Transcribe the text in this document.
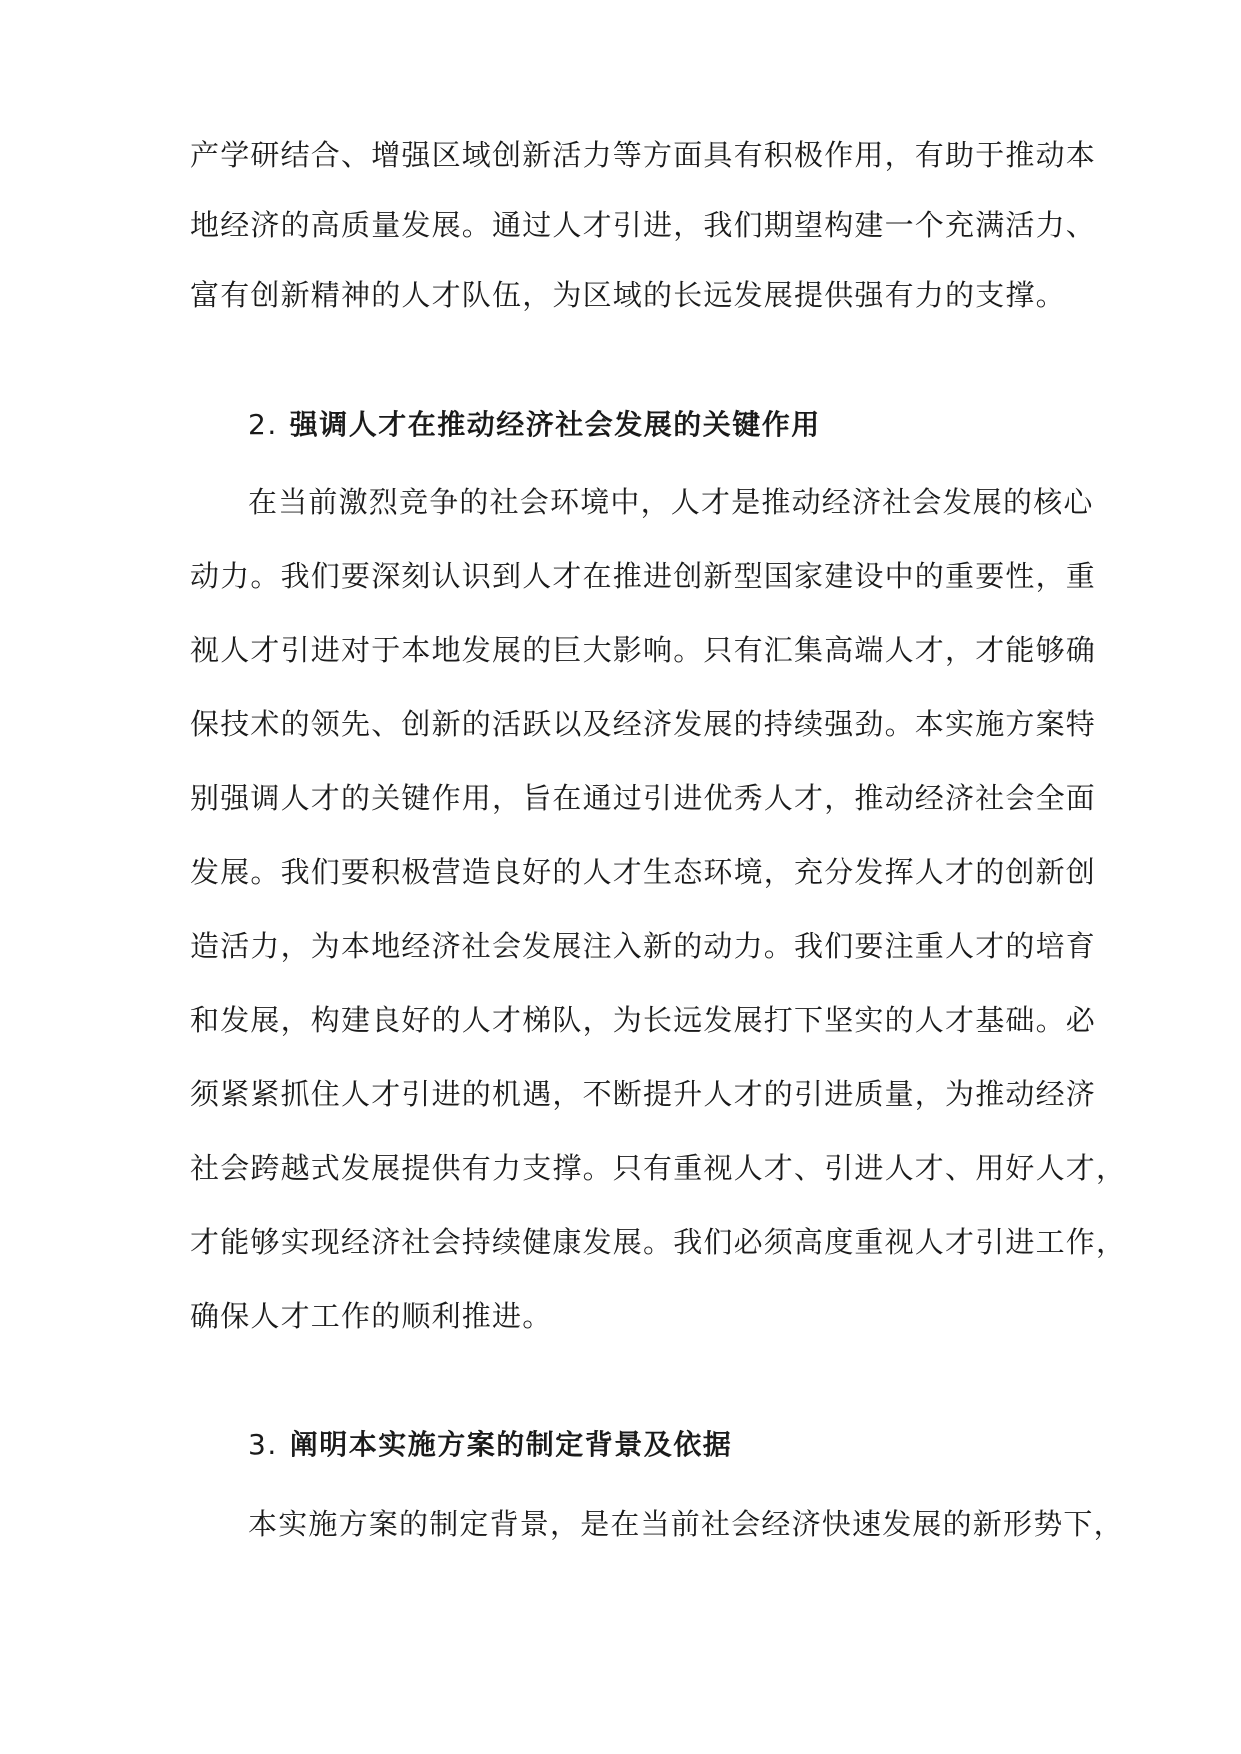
产学研结合、增强区域创新活力等方面具有积极作用，有助于推动本
地经济的高质量发展。通过人才引进，我们期望构建一个充满活力、
富有创新精神的人才队伍，为区域的长远发展提供强有力的支撑。
2. 强调人才在推动经济社会发展的关键作用
在当前激烈竞争的社会环境中，人才是推动经济社会发展的核心
动力。我们要深刻认识到人才在推进创新型国家建设中的重要性，重
视人才引进对于本地发展的巨大影响。只有汇集高端人才，才能够确
保技术的领先、创新的活跃以及经济发展的持续强劲。本实施方案特
别强调人才的关键作用，旨在通过引进优秀人才，推动经济社会全面
发展。我们要积极营造良好的人才生态环境，充分发挥人才的创新创
造活力，为本地经济社会发展注入新的动力。我们要注重人才的培育
和发展，构建良好的人才梯队，为长远发展打下坚实的人才基础。必
须紧紧抓住人才引进的机遇，不断提升人才的引进质量，为推动经济
社会跨越式发展提供有力支撑。只有重视人才、引进人才、用好人才，
才能够实现经济社会持续健康发展。我们必须高度重视人才引进工作，
确保人才工作的顺利推进。
3. 阐明本实施方案的制定背景及依据
本实施方案的制定背景，是在当前社会经济快速发展的新形势下，
